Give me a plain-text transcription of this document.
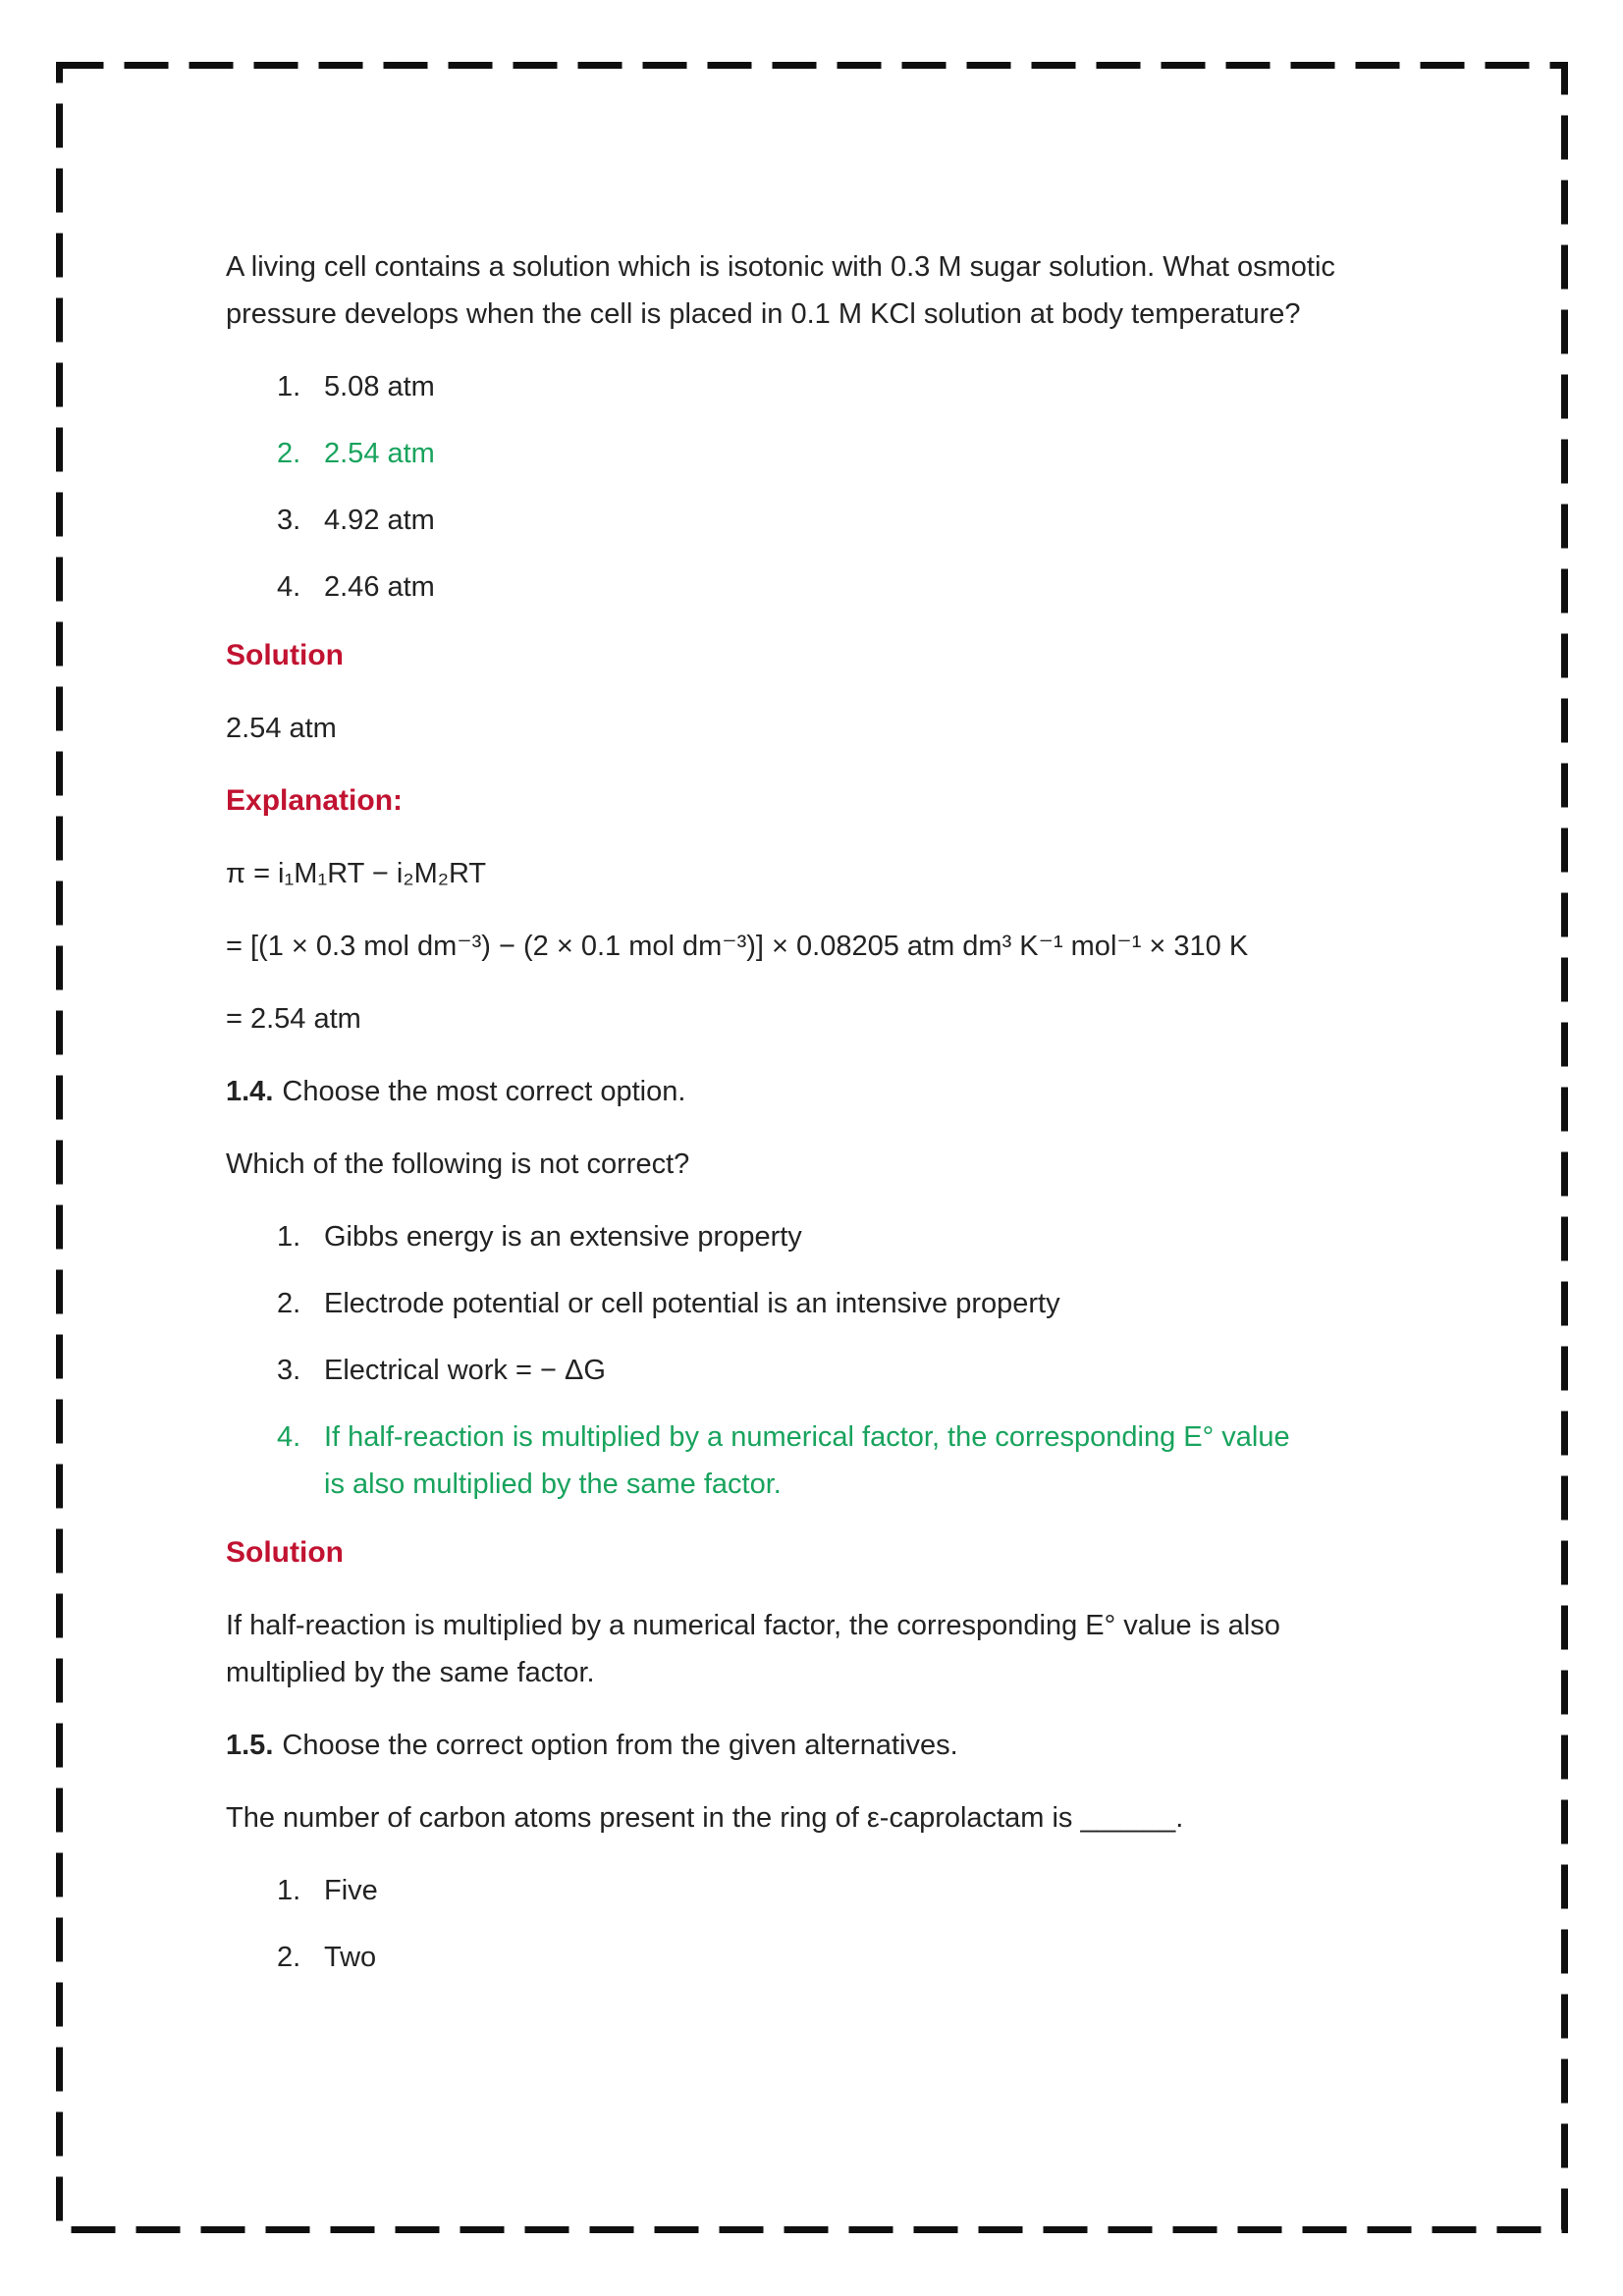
A living cell contains a solution which is isotonic with 0.3 M sugar solution. What osmotic pressure develops when the cell is placed in 0.1 M KCl solution at body temperature?

1. 5.08 atm
2. 2.54 atm
3. 4.92 atm
4. 2.46 atm

Solution

2.54 atm

Explanation:

π = i₁M₁RT − i₂M₂RT

= [(1 × 0.3 mol dm⁻³) − (2 × 0.1 mol dm⁻³)] × 0.08205 atm dm³ K⁻¹ mol⁻¹ × 310 K

= 2.54 atm

1.4. Choose the most correct option.

Which of the following is not correct?

1. Gibbs energy is an extensive property
2. Electrode potential or cell potential is an intensive property
3. Electrical work = − ΔG
4. If half-reaction is multiplied by a numerical factor, the corresponding E° value is also multiplied by the same factor.

Solution

If half-reaction is multiplied by a numerical factor, the corresponding E° value is also multiplied by the same factor.

1.5. Choose the correct option from the given alternatives.

The number of carbon atoms present in the ring of ε-caprolactam is ______.

1. Five
2. Two
